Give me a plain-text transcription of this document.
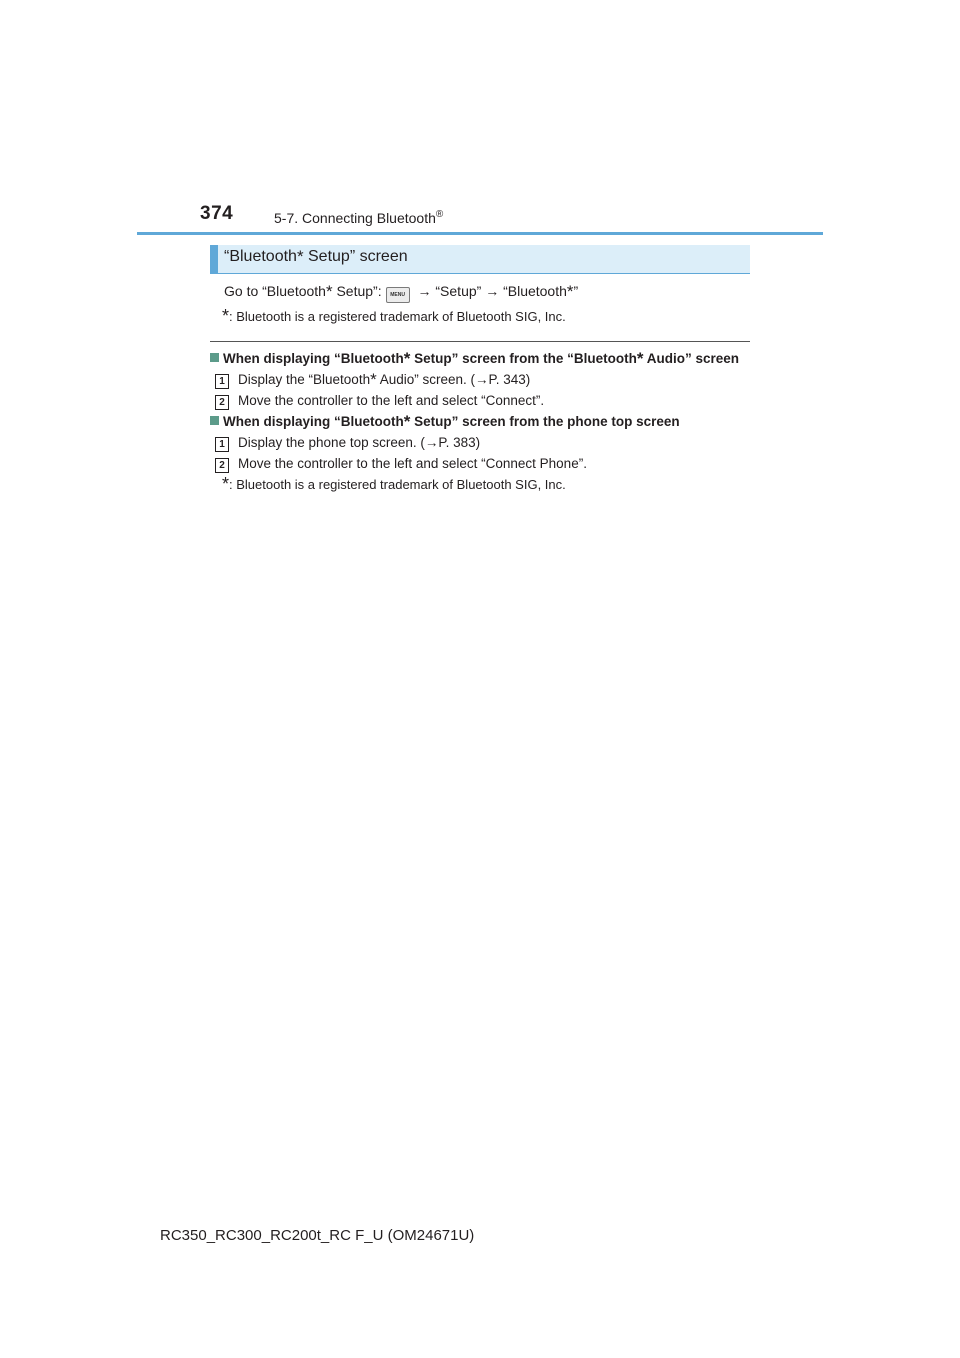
374	5-7. Connecting Bluetooth®
“Bluetooth* Setup” screen
Go to “Bluetooth* Setup”: MENU → “Setup” → “Bluetooth*”
*: Bluetooth is a registered trademark of Bluetooth SIG, Inc.
When displaying “Bluetooth* Setup” screen from the “Bluetooth* Audio” screen
1 Display the “Bluetooth* Audio” screen. (→P. 343)
2 Move the controller to the left and select “Connect”.
When displaying “Bluetooth* Setup” screen from the phone top screen
1 Display the phone top screen. (→P. 383)
2 Move the controller to the left and select “Connect Phone”.
*: Bluetooth is a registered trademark of Bluetooth SIG, Inc.
RC350_RC300_RC200t_RC F_U (OM24671U)
